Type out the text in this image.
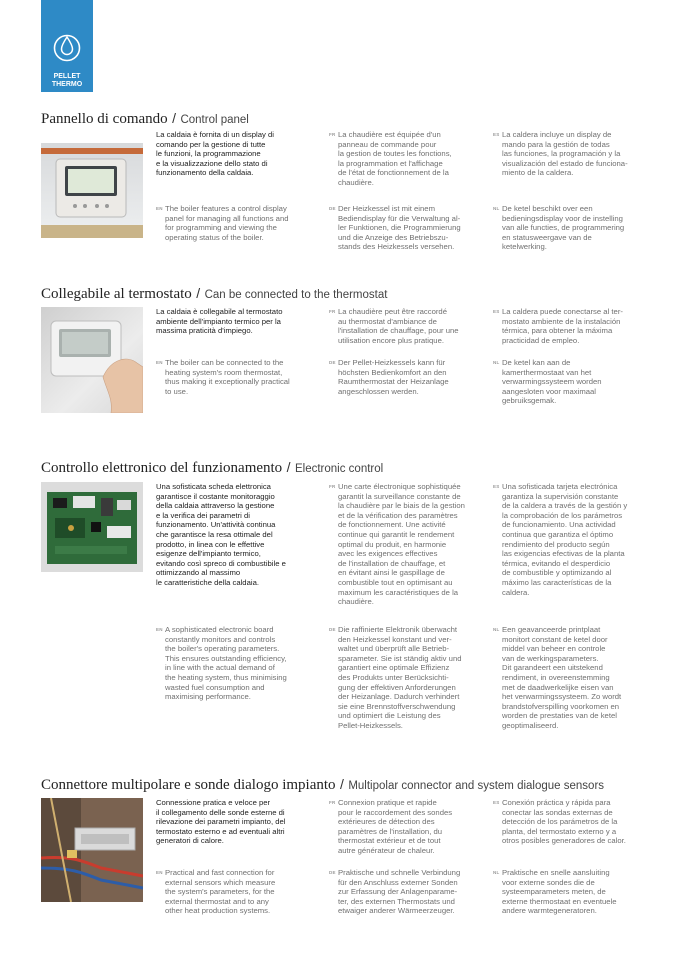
PELLET
THERMO
Pannello di comando / Control panel
La caldaia è fornita di un display di
comando per la gestione di tutte
le funzioni, la programmazione
e la visualizzazione dello stato di
funzionamento della caldaia.
FR La chaudière est équipée d'un
panneau de commande pour
la gestion de toutes les fonctions,
la programmation et l'affichage
de l'état de fonctionnement de la
chaudière.
ES La caldera incluye un display de
mando para la gestión de todas
las funciones, la programación y la
visualización del estado de funciona-
miento de la caldera.
EN The boiler features a control display
panel for managing all functions and
for programming and viewing the
operating status of the boiler.
DE Der Heizkessel ist mit einem
Bediendisplay für die Verwaltung al-
ler Funktionen, die Programmierung
und die Anzeige des Betriebszu-
stands des Heizkessels versehen.
NL De ketel beschikt over een
bedieningsdisplay voor de instelling
van alle functies, de programmering
en statusweergave van de
ketelwerking.
Collegabile al termostato / Can be connected to the thermostat
La caldaia è collegabile al termostato
ambiente dell'impianto termico per la
massima praticità d'impiego.
FR La chaudière peut être raccordé
au thermostat d'ambiance de
l'installation de chauffage, pour une
utilisation encore plus pratique.
ES La caldera puede conectarse al ter-
mostato ambiente de la instalación
térmica, para obtener la máxima
practicidad de empleo.
EN The boiler can be connected to the
heating system's room thermostat,
thus making it exceptionally practical
to use.
DE Der Pellet-Heizkessels kann für
höchsten Bedienkomfort an den
Raumthermostat der Heizanlage
angeschlossen werden.
NL De ketel kan aan de
kamerthermostaat van het
verwarmingssysteem worden
aangesloten voor maximaal
gebruiksgemak.
Controllo elettronico del funzionamento / Electronic control
Una sofisticata scheda elettronica
garantisce il costante monitoraggio
della caldaia attraverso la gestione
e la verifica dei parametri di
funzionamento. Un'attività continua
che garantisce la resa ottimale del
prodotto, in linea con le effettive
esigenze dell'impianto termico,
evitando così spreco di combustibile e
ottimizzando al massimo
le caratteristiche della caldaia.
FR Une carte électronique sophistiquée
garantit la surveillance constante de
la chaudière par le biais de la gestion
et de la vérification des paramètres
de fonctionnement. Une activité
continue qui garantit le rendement
optimal du produit, en harmonie
avec les exigences effectives
de l'installation de chauffage, et
en évitant ainsi le gaspillage de
combustible tout en optimisant au
maximum les caractéristiques de la
chaudière.
ES Una sofisticada tarjeta electrónica
garantiza la supervisión constante
de la caldera a través de la gestión y
la comprobación de los parámetros
de funcionamiento. Una actividad
continua que garantiza el óptimo
rendimiento del producto según
las exigencias efectivas de la planta
térmica, evitando el desperdicio
de combustible y optimizando al
máximo las características de la
caldera.
EN A sophisticated electronic board
constantly monitors and controls
the boiler's operating parameters.
This ensures outstanding efficiency,
in line with the actual demand of
the heating system, thus minimising
wasted fuel consumption and
maximising performance.
DE Die raffinierte Elektronik überwacht
den Heizkessel konstant und ver-
waltet und überprüft alle Betrieb-
sparameter. Sie ist ständig aktiv und
garantiert eine optimale Effizienz
des Produkts unter Berücksichti-
gung der effektiven Anforderungen
der Heizanlage. Dadurch verhindert
sie eine Brennstoffverschwendung
und optimiert die Leistung des
Pellet-Heizkessels.
NL Een geavanceerde printplaat
monitort constant de ketel door
middel van beheer en controle
van de werkingsparameters.
Dit garandeert een uitstekend
rendiment, in overeenstemming
met de daadwerkelijke eisen van
het verwarmingssysteem. Zo wordt
brandstofverspilling voorkomen en
worden de prestaties van de ketel
geoptimaliseerd.
Connettore multipolare e sonde dialogo impianto / Multipolar connector and system dialogue sensors
Connessione pratica e veloce per
il collegamento delle sonde esterne di
rilevazione dei parametri impianto, del
termostato esterno e ad eventuali altri
generatori di calore.
FR Connexion pratique et rapide
pour le raccordement des sondes
extérieures de détection des
paramètres de l'installation, du
thermostat extérieur et de tout
autre générateur de chaleur.
ES Conexión práctica y rápida para
conectar las sondas externas de
detección de los parámetros de la
planta, del termostato externo y a
otros posibles generadores de calor.
EN Practical and fast connection for
external sensors which measure
the system's parameters, for the
external thermostat and to any
other heat production systems.
DE Praktische und schnelle Verbindung
für den Anschluss externer Sonden
zur Erfassung der Anlagenparame-
ter, des externen Thermostats und
etwaiger anderer Wärmeerzeuger.
NL Praktische en snelle aansluiting
voor externe sondes die de
systeemparameters meten, de
externe thermostaat en eventuele
andere warmtegeneratoren.
